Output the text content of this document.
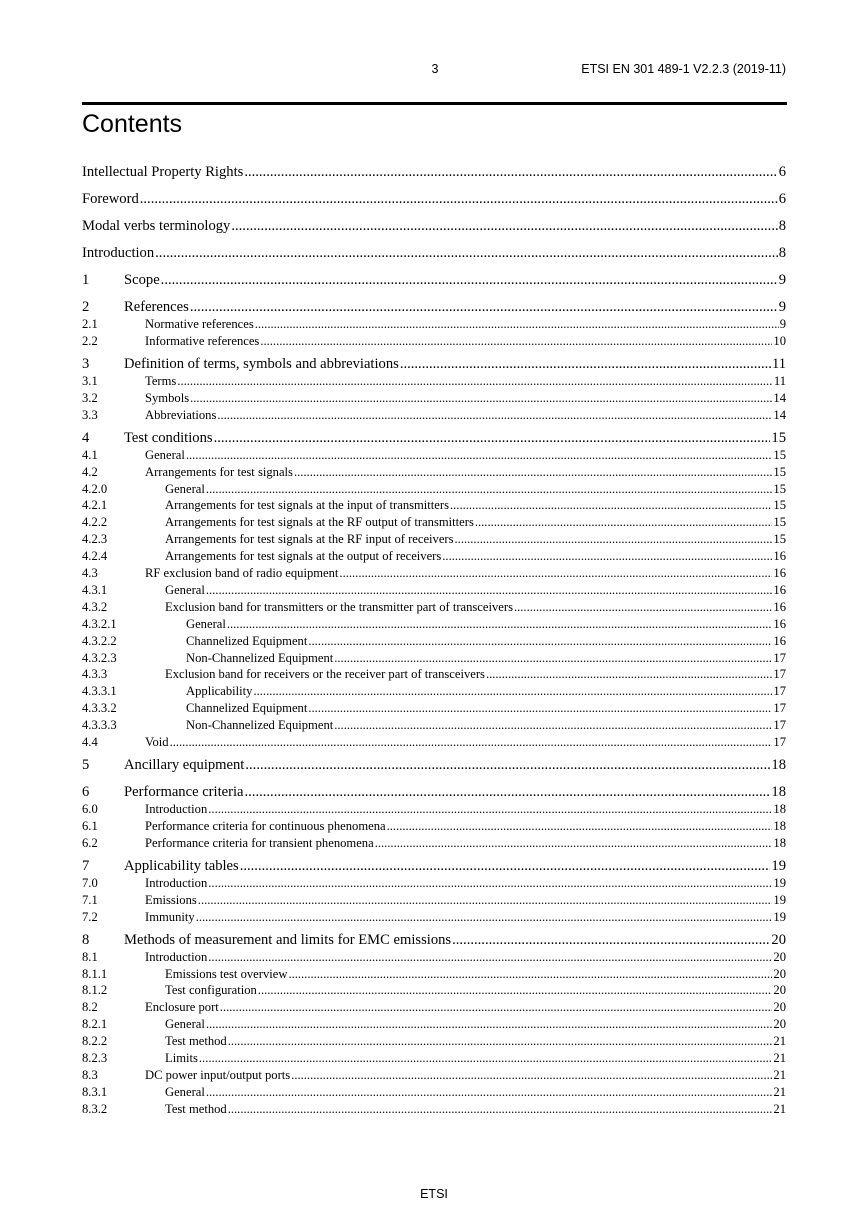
3	ETSI EN 301 489-1 V2.2.3 (2019-11)
Contents
Intellectual Property Rights .....	6
Foreword .....	6
Modal verbs terminology .....	8
Introduction .....	8
1	Scope .....	9
2	References .....	9
2.1	Normative references .....	9
2.2	Informative references .....	10
3	Definition of terms, symbols and abbreviations .....	11
3.1	Terms .....	11
3.2	Symbols .....	14
3.3	Abbreviations .....	14
4	Test conditions .....	15
4.1	General .....	15
4.2	Arrangements for test signals .....	15
4.2.0	General .....	15
4.2.1	Arrangements for test signals at the input of transmitters .....	15
4.2.2	Arrangements for test signals at the RF output of transmitters .....	15
4.2.3	Arrangements for test signals at the RF input of receivers .....	15
4.2.4	Arrangements for test signals at the output of receivers .....	16
4.3	RF exclusion band of radio equipment .....	16
4.3.1	General .....	16
4.3.2	Exclusion band for transmitters or the transmitter part of transceivers .....	16
4.3.2.1	General .....	16
4.3.2.2	Channelized Equipment .....	16
4.3.2.3	Non-Channelized Equipment .....	17
4.3.3	Exclusion band for receivers or the receiver part of transceivers .....	17
4.3.3.1	Applicability .....	17
4.3.3.2	Channelized Equipment .....	17
4.3.3.3	Non-Channelized Equipment .....	17
4.4	Void .....	17
5	Ancillary equipment .....	18
6	Performance criteria .....	18
6.0	Introduction .....	18
6.1	Performance criteria for continuous phenomena .....	18
6.2	Performance criteria for transient phenomena .....	18
7	Applicability tables .....	19
7.0	Introduction .....	19
7.1	Emissions .....	19
7.2	Immunity .....	19
8	Methods of measurement and limits for EMC emissions .....	20
8.1	Introduction .....	20
8.1.1	Emissions test overview .....	20
8.1.2	Test configuration .....	20
8.2	Enclosure port .....	20
8.2.1	General .....	20
8.2.2	Test method .....	21
8.2.3	Limits .....	21
8.3	DC power input/output ports .....	21
8.3.1	General .....	21
8.3.2	Test method .....	21
ETSI
